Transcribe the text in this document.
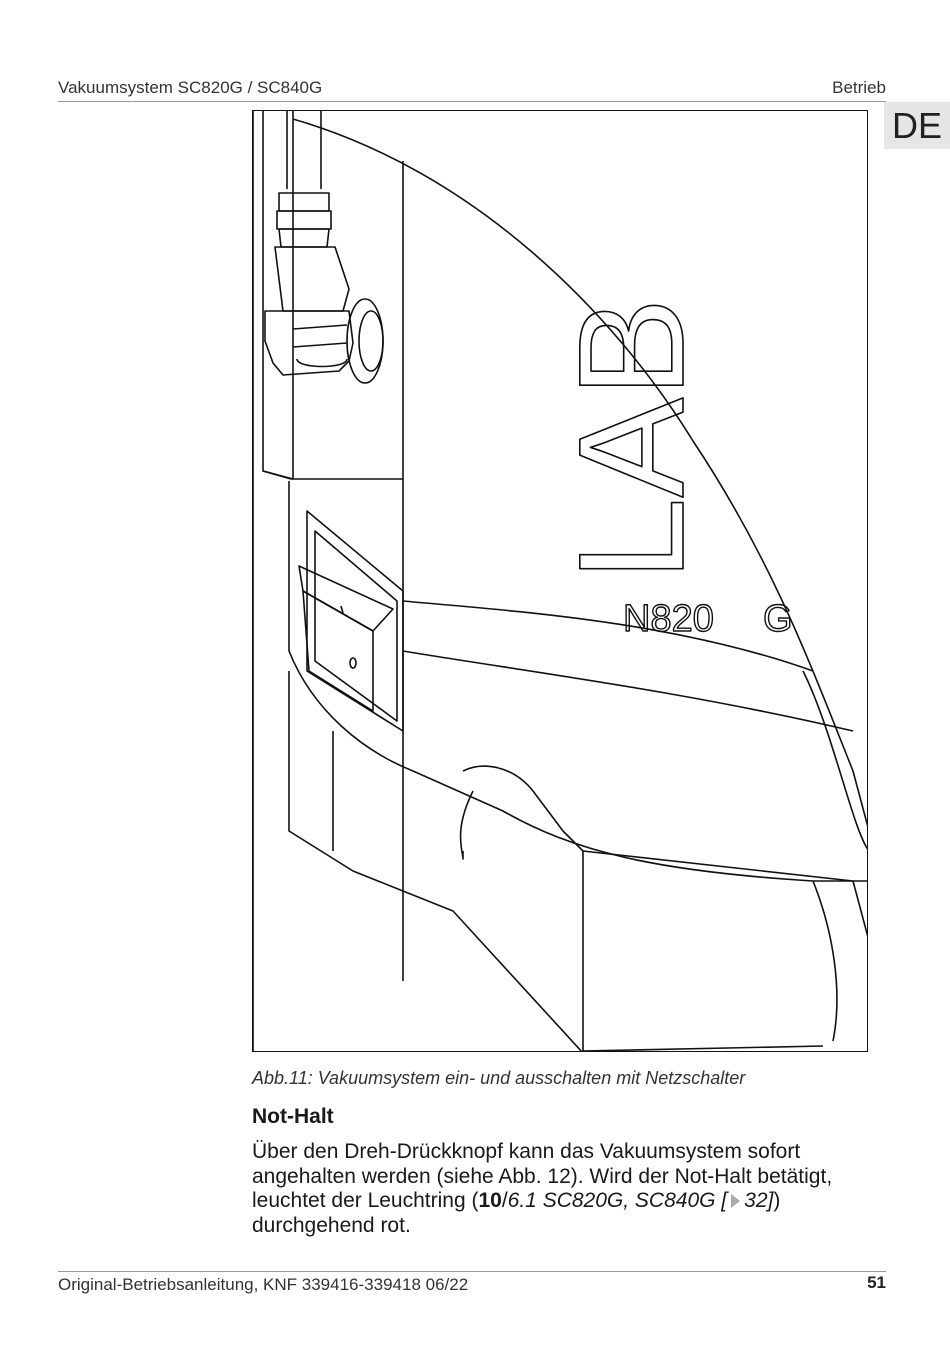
Vakuumsystem SC820G / SC840G	Betrieb
DE
LAB
N820 G
Abb.11: Vakuumsystem ein- und ausschalten mit Netzschalter
Not-Halt
Über den Dreh-Drückknopf kann das Vakuumsystem sofort angehalten werden (siehe Abb. 12). Wird der Not-Halt betätigt, leuchtet der Leuchtring (10/6.1 SC820G, SC840G [ 32]) durchgehend rot.
Original-Betriebsanleitung, KNF 339416-339418 06/22	51
